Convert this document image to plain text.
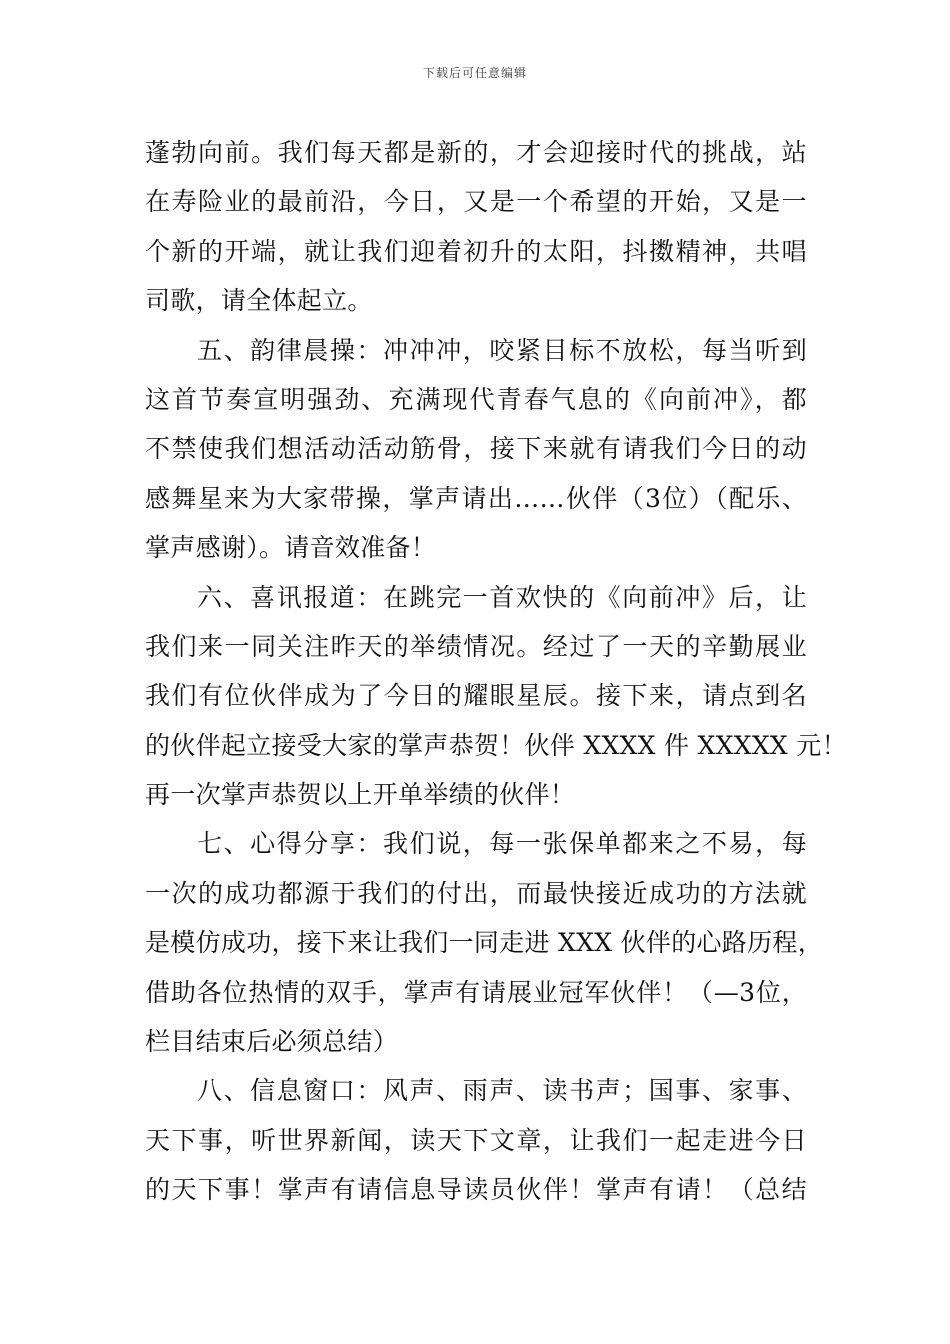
下载后可任意编辑
蓬勃向前。我们每天都是新的，才会迎接时代的挑战，站
在寿险业的最前沿，今日，又是一个希望的开始，又是一
个新的开端，就让我们迎着初升的太阳，抖擞精神，共唱
司歌，请全体起立。
五、韵律晨操：冲冲冲，咬紧目标不放松，每当听到
这首节奏宣明强劲、充满现代青春气息的《向前冲》，都
不禁使我们想活动活动筋骨，接下来就有请我们今日的动
感舞星来为大家带操，掌声请出……伙伴（3位）（配乐、
掌声感谢）。请音效准备！
六、喜讯报道：在跳完一首欢快的《向前冲》后，让
我们来一同关注昨天的举绩情况。经过了一天的辛勤展业
我们有位伙伴成为了今日的耀眼星辰。接下来，请点到名
的伙伴起立接受大家的掌声恭贺！伙伴 XXXX 件 XXXXX 元！
再一次掌声恭贺以上开单举绩的伙伴！
七、心得分享：我们说，每一张保单都来之不易，每
一次的成功都源于我们的付出，而最快接近成功的方法就
是模仿成功，接下来让我们一同走进 XXX 伙伴的心路历程，
借助各位热情的双手，掌声有请展业冠军伙伴！（—3位，
栏目结束后必须总结）
八、信息窗口：风声、雨声、读书声；国事、家事、
天下事，听世界新闻，读天下文章，让我们一起走进今日
的天下事！掌声有请信息导读员伙伴！掌声有请！（总结
